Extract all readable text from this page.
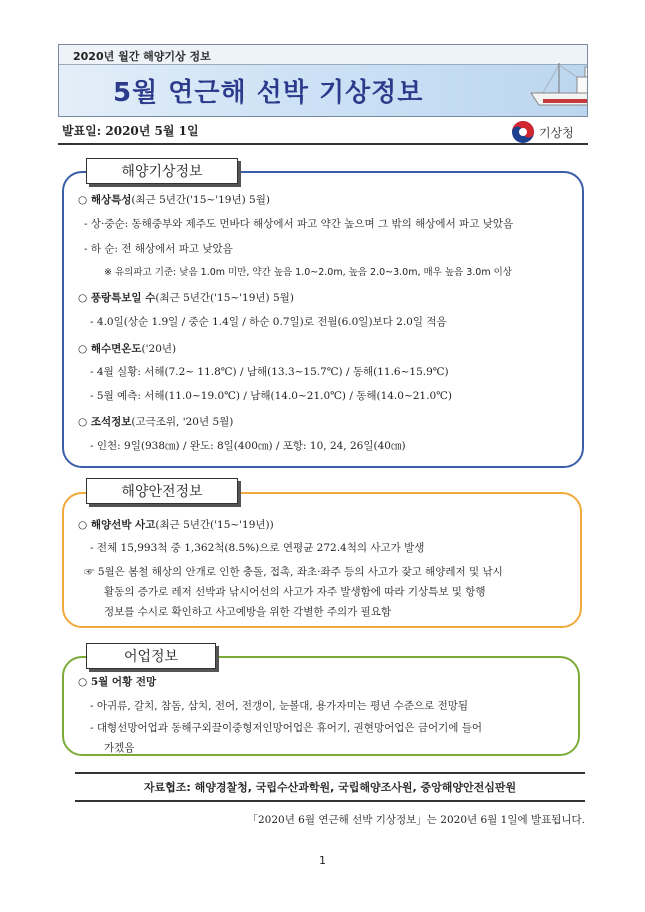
2020년 월간 해양기상 정보
5월 연근해 선박 기상정보
발표일: 2020년 5월 1일	기상청
해양기상정보
○ 해상특성(최근 5년간('15~'19년) 5월)
- 상·중순: 동해중부와 제주도 먼바다 해상에서 파고 약간 높으며 그 밖의 해상에서 파고 낮았음
- 하 순: 전 해상에서 파고 낮았음
※ 유의파고 기준: 낮음 1.0m 미만, 약간 높음 1.0~2.0m, 높음 2.0~3.0m, 매우 높음 3.0m 이상
○ 풍랑특보일 수(최근 5년간('15~'19년) 5월)
- 4.0일(상순 1.9일 / 중순 1.4일 / 하순 0.7일)로 전월(6.0일)보다 2.0일 적음
○ 해수면온도('20년)
- 4월 실황: 서해(7.2~ 11.8℃) / 남해(13.3~15.7℃) / 동해(11.6~15.9℃)
- 5월 예측: 서해(11.0~19.0℃) / 남해(14.0~21.0℃) / 동해(14.0~21.0℃)
○ 조석정보(고극조위, '20년 5월)
- 인천: 9일(938㎝) / 완도: 8일(400㎝) / 포항: 10, 24, 26일(40㎝)
해양안전정보
○ 해양선박 사고(최근 5년간('15~'19년))
- 전체 15,993척 중 1,362척(8.5%)으로 연평균 272.4척의 사고가 발생
☞ 5월은 봄철 해상의 안개로 인한 충돌, 접촉, 좌초·좌주 등의 사고가 잦고 해양레저 및 낚시
활동의 증가로 레저 선박과 낚시어선의 사고가 자주 발생함에 따라 기상특보 및 항행
정보를 수시로 확인하고 사고예방을 위한 각별한 주의가 필요함
어업정보
○ 5월 어황 전망
- 아귀류, 갈치, 참돔, 삼치, 전어, 전갱이, 눈볼대, 용가자미는 평년 수준으로 전망됨
- 대형선망어업과 동해구외끌이중형저인망어업은 휴어기, 권현망어업은 금어기에 들어
가겠음
자료협조: 해양경찰청, 국립수산과학원, 국립해양조사원, 중앙해양안전심판원
「2020년 6월 연근해 선박 기상정보」는 2020년 6월 1일에 발표됩니다.
1
